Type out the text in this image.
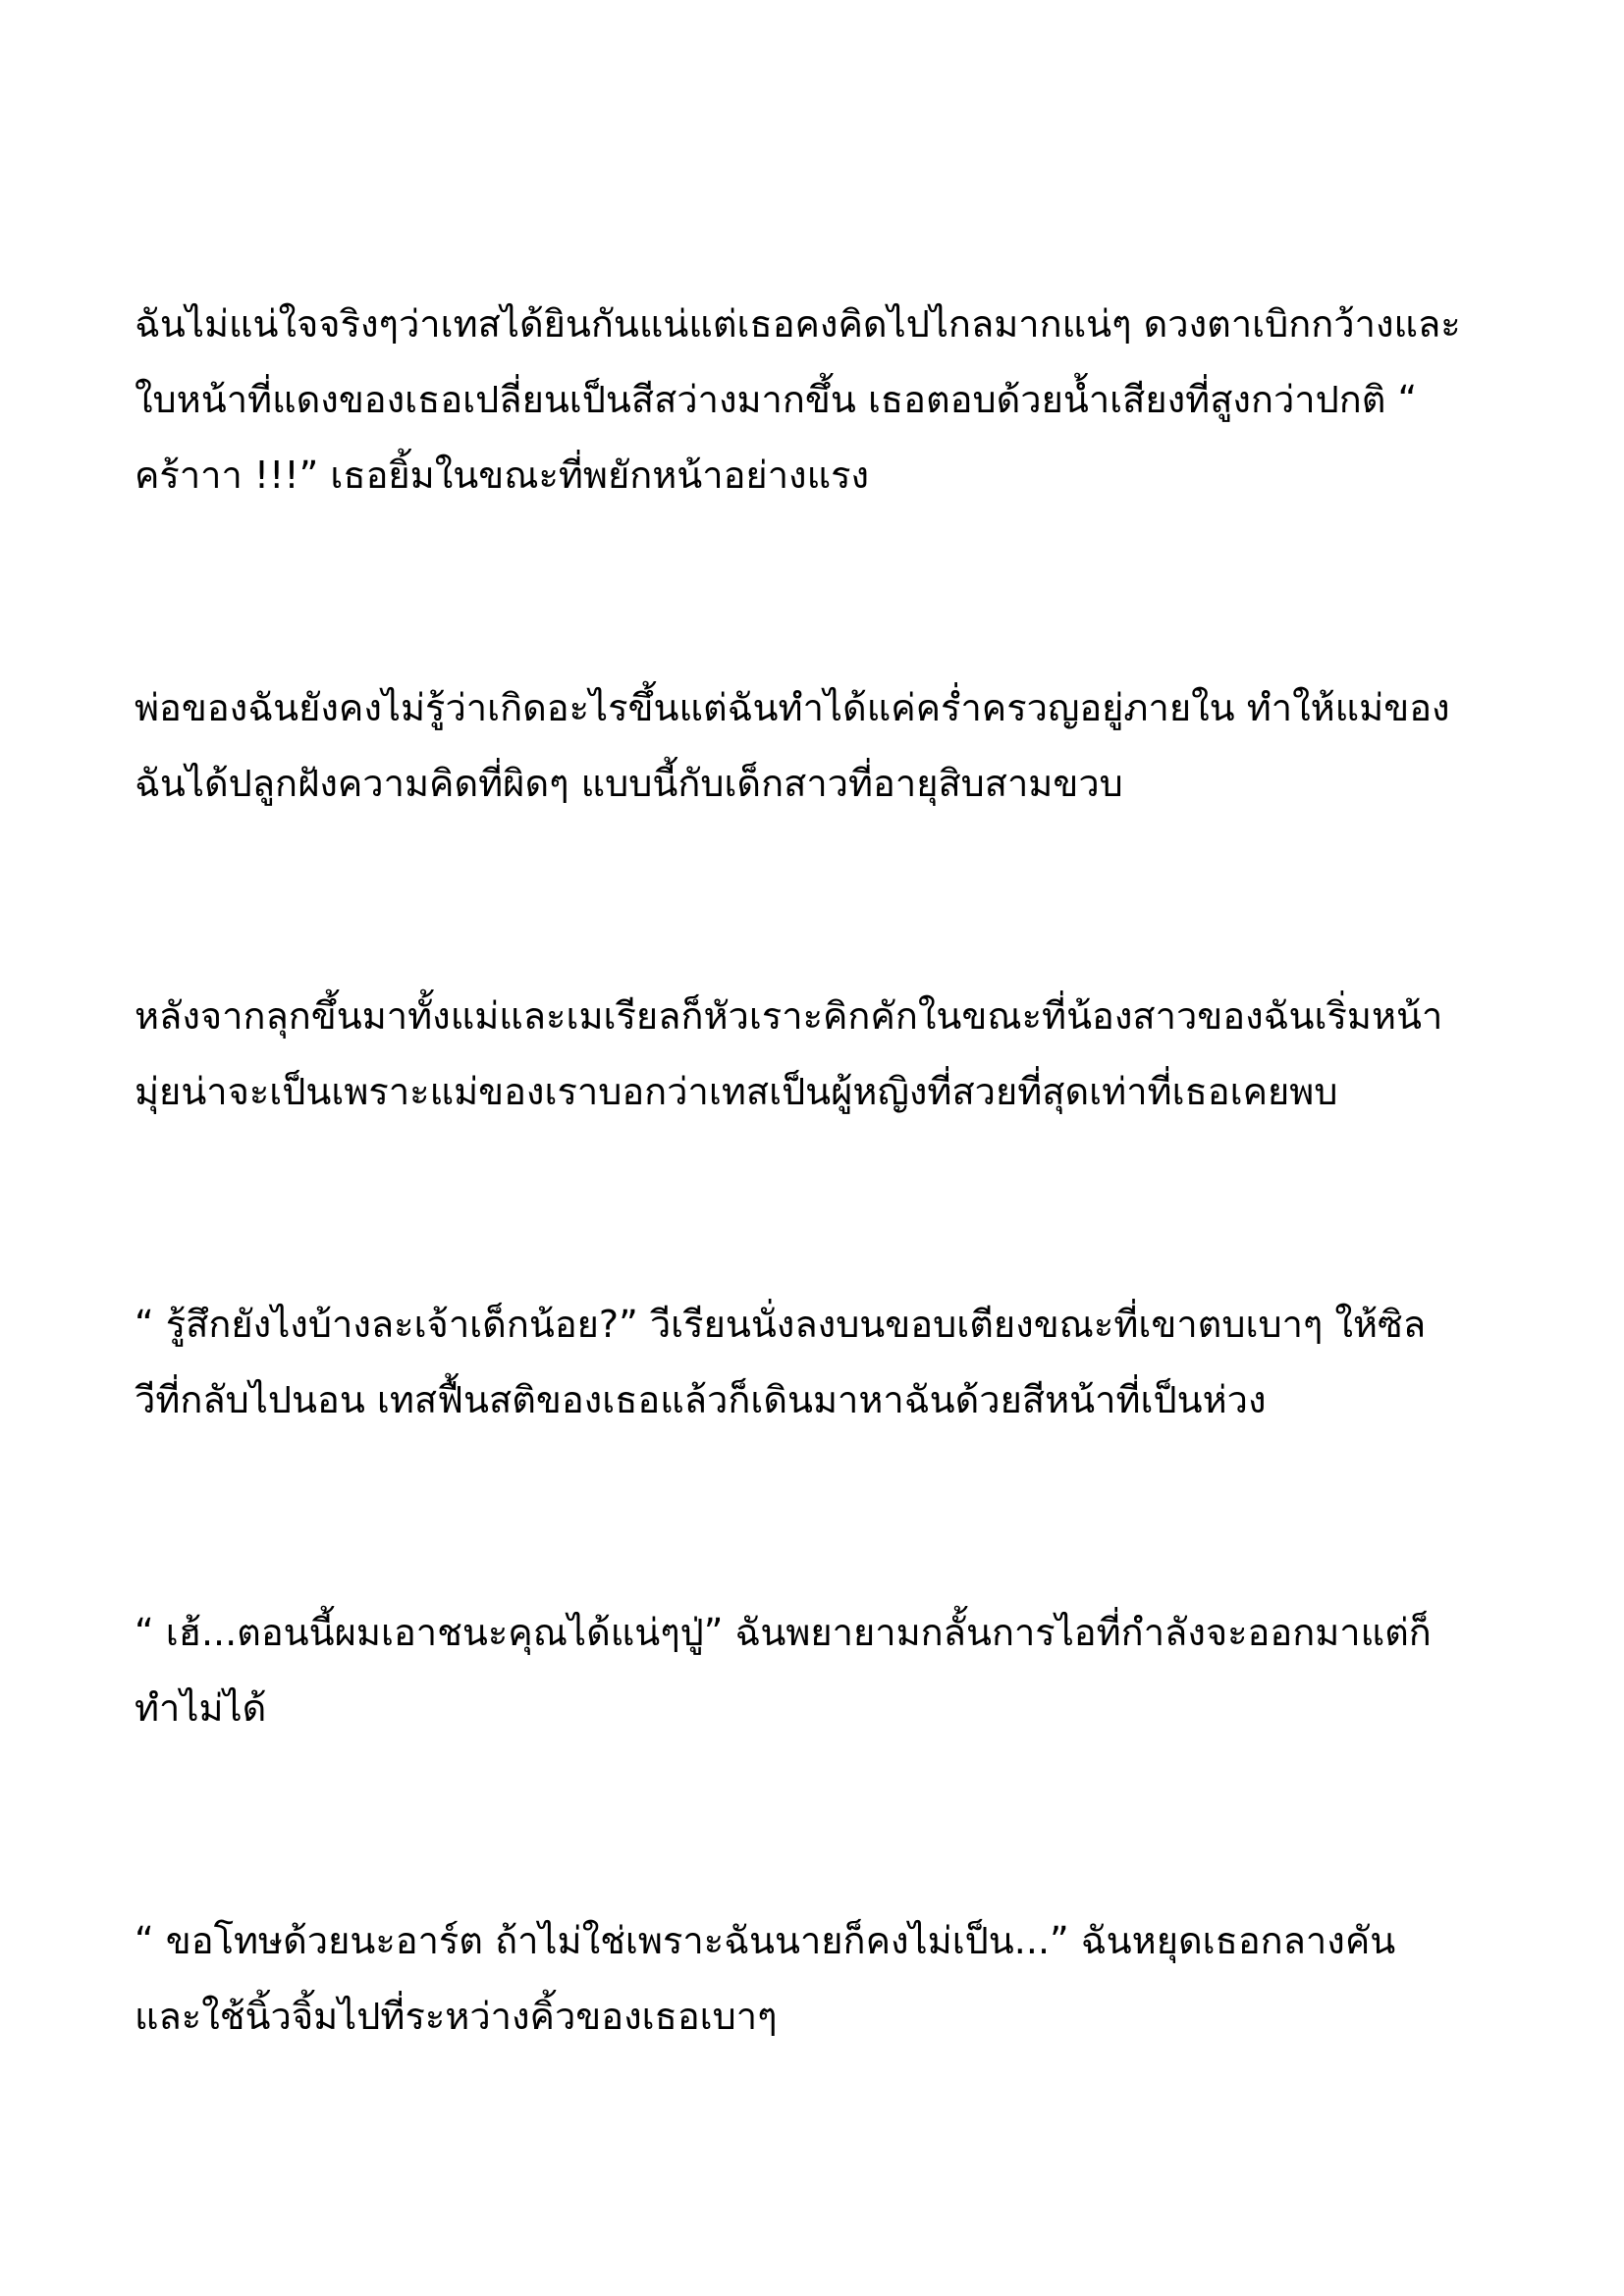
ฉันไม่แน่ใจจริงๆว่าเทสได้ยินกันแน่แต่เธอคงคิดไปไกลมากแน่ๆ ดวงตาเบิกกว้างและ
ใบหน้าที่แดงของเธอเปลี่ยนเป็นสีสว่างมากขึ้น เธอตอบด้วยน้ำเสียงที่สูงกว่าปกติ “
คร้าาา !!!” เธอยิ้มในขณะที่พยักหน้าอย่างแรง
พ่อของฉันยังคงไม่รู้ว่าเกิดอะไรขึ้นแต่ฉันทำได้แค่คร่ำครวญอยู่ภายใน ทำให้แม่ของ
ฉันได้ปลูกฝังความคิดที่ผิดๆ แบบนี้กับเด็กสาวที่อายุสิบสามขวบ
หลังจากลุกขึ้นมาทั้งแม่และเมเรียลก็หัวเราะคิกคักในขณะที่น้องสาวของฉันเริ่มหน้า
มุ่ยน่าจะเป็นเพราะแม่ของเราบอกว่าเทสเป็นผู้หญิงที่สวยที่สุดเท่าที่เธอเคยพบ
“ รู้สึกยังไงบ้างละเจ้าเด็กน้อย?” วีเรียนนั่งลงบนขอบเตียงขณะที่เขาตบเบาๆ ให้ซิล
วีที่กลับไปนอน เทสฟื้นสติของเธอแล้วก็เดินมาหาฉันด้วยสีหน้าที่เป็นห่วง
“ เฮ้...ตอนนี้ผมเอาชนะคุณได้แน่ๆปู่” ฉันพยายามกลั้นการไอที่กำลังจะออกมาแต่ก็
ทำไม่ได้
“ ขอโทษด้วยนะอาร์ต ถ้าไม่ใช่เพราะฉันนายก็คงไม่เป็น...” ฉันหยุดเธอกลางคัน
และใช้นิ้วจิ้มไปที่ระหว่างคิ้วของเธอเบาๆ
